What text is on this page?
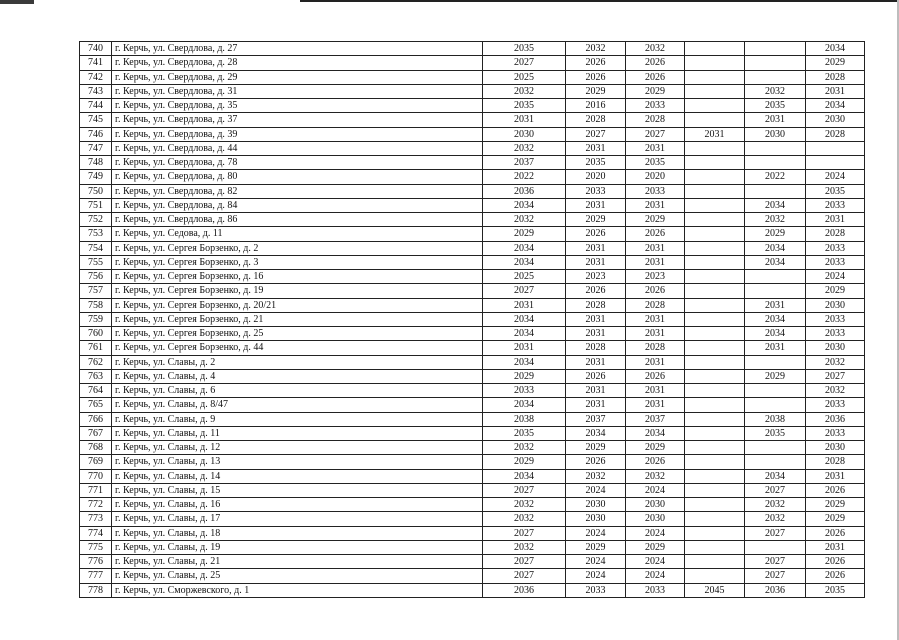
740	г. Керчь, ул. Свердлова, д. 27	2035	2032	2032			2034
741	г. Керчь, ул. Свердлова, д. 28	2027	2026	2026			2029
742	г. Керчь, ул. Свердлова, д. 29	2025	2026	2026			2028
743	г. Керчь, ул. Свердлова, д. 31	2032	2029	2029		2032	2031
744	г. Керчь, ул. Свердлова, д. 35	2035	2016	2033		2035	2034
745	г. Керчь, ул. Свердлова, д. 37	2031	2028	2028		2031	2030
746	г. Керчь, ул. Свердлова, д. 39	2030	2027	2027	2031	2030	2028
747	г. Керчь, ул. Свердлова, д. 44	2032	2031	2031			
748	г. Керчь, ул. Свердлова, д. 78	2037	2035	2035			
749	г. Керчь, ул. Свердлова, д. 80	2022	2020	2020		2022	2024
750	г. Керчь, ул. Свердлова, д. 82	2036	2033	2033			2035
751	г. Керчь, ул. Свердлова, д. 84	2034	2031	2031		2034	2033
752	г. Керчь, ул. Свердлова, д. 86	2032	2029	2029		2032	2031
753	г. Керчь, ул. Седова, д. 11	2029	2026	2026		2029	2028
754	г. Керчь, ул. Сергея Борзенко, д. 2	2034	2031	2031		2034	2033
755	г. Керчь, ул. Сергея Борзенко, д. 3	2034	2031	2031		2034	2033
756	г. Керчь, ул. Сергея Борзенко, д. 16	2025	2023	2023			2024
757	г. Керчь, ул. Сергея Борзенко, д. 19	2027	2026	2026			2029
758	г. Керчь, ул. Сергея Борзенко, д. 20/21	2031	2028	2028		2031	2030
759	г. Керчь, ул. Сергея Борзенко, д. 21	2034	2031	2031		2034	2033
760	г. Керчь, ул. Сергея Борзенко, д. 25	2034	2031	2031		2034	2033
761	г. Керчь, ул. Сергея Борзенко, д. 44	2031	2028	2028		2031	2030
762	г. Керчь, ул. Славы, д. 2	2034	2031	2031			2032
763	г. Керчь, ул. Славы, д. 4	2029	2026	2026		2029	2027
764	г. Керчь, ул. Славы, д. 6	2033	2031	2031			2032
765	г. Керчь, ул. Славы, д. 8/47	2034	2031	2031			2033
766	г. Керчь, ул. Славы, д. 9	2038	2037	2037		2038	2036
767	г. Керчь, ул. Славы, д. 11	2035	2034	2034		2035	2033
768	г. Керчь, ул. Славы, д. 12	2032	2029	2029			2030
769	г. Керчь, ул. Славы, д. 13	2029	2026	2026			2028
770	г. Керчь, ул. Славы, д. 14	2034	2032	2032		2034	2031
771	г. Керчь, ул. Славы, д. 15	2027	2024	2024		2027	2026
772	г. Керчь, ул. Славы, д. 16	2032	2030	2030		2032	2029
773	г. Керчь, ул. Славы, д. 17	2032	2030	2030		2032	2029
774	г. Керчь, ул. Славы, д. 18	2027	2024	2024		2027	2026
775	г. Керчь, ул. Славы, д. 19	2032	2029	2029			2031
776	г. Керчь, ул. Славы, д. 21	2027	2024	2024		2027	2026
777	г. Керчь, ул. Славы, д. 25	2027	2024	2024		2027	2026
778	г. Керчь, ул. Сморжевского, д. 1	2036	2033	2033	2045	2036	2035
